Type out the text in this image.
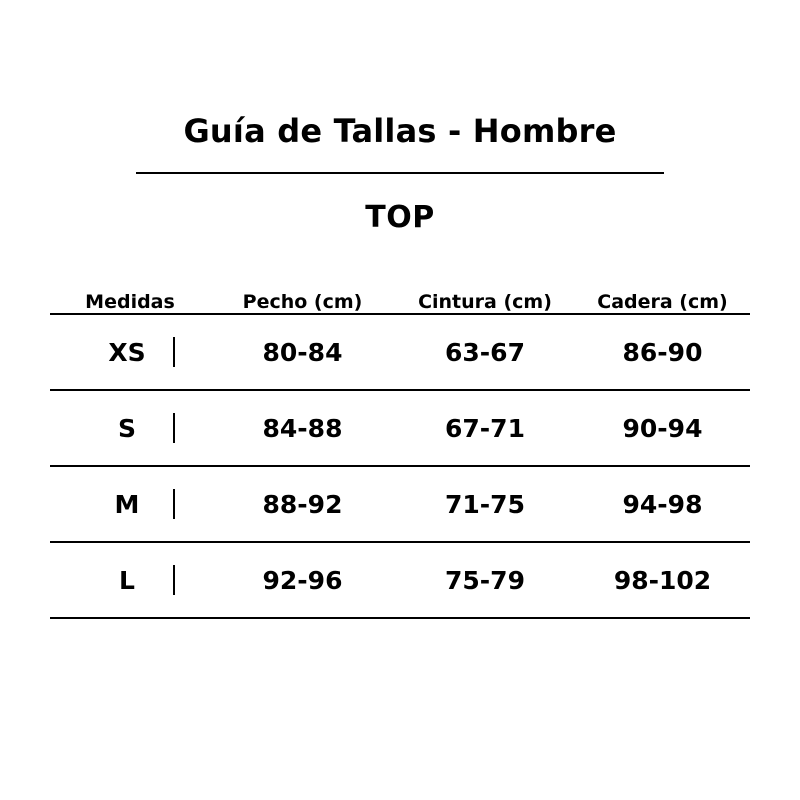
Guía de Tallas - Hombre
TOP
Medidas	Pecho (cm)	Cintura (cm)	Cadera (cm)

XS	80-84	63-67	86-90

S	84-88	67-71	90-94

M	88-92	71-75	94-98

L	92-96	75-79	98-102
